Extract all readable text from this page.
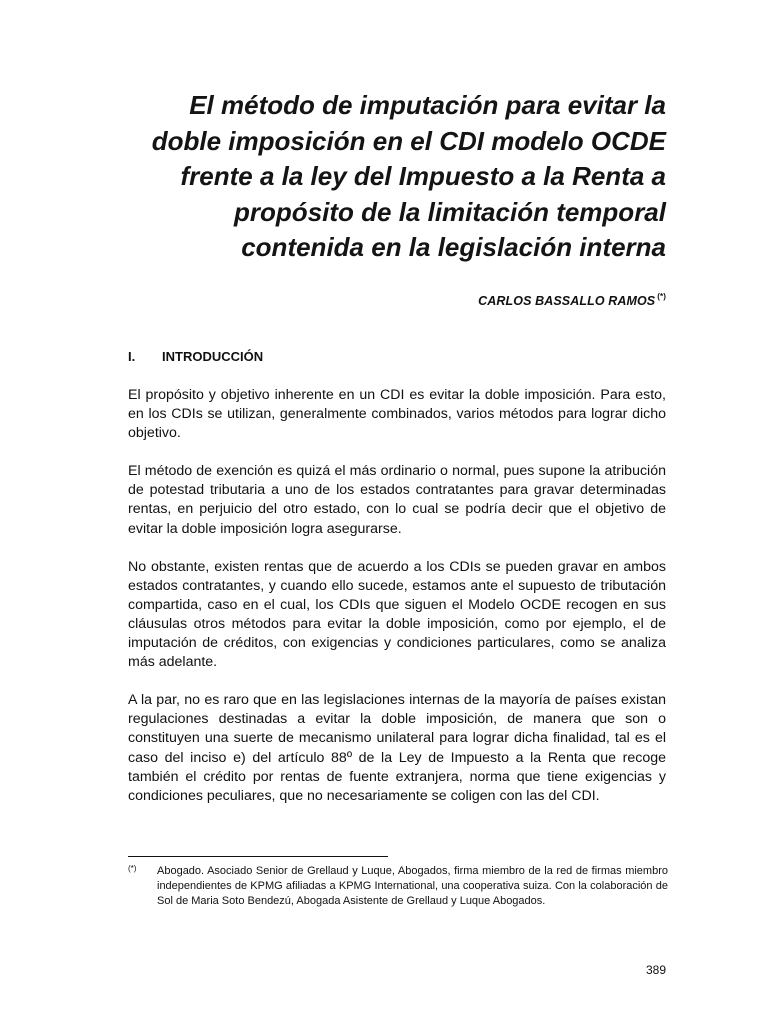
El método de imputación para evitar la
doble imposición en el CDI modelo OCDE
frente a la ley del Impuesto a la Renta a
propósito de la limitación temporal
contenida en la legislación interna
CARLOS BASSALLO RAMOS (*)
I. INTRODUCCIÓN

El propósito y objetivo inherente en un CDI es evitar la doble imposición. Para esto, en los CDIs se utilizan, generalmente combinados, varios métodos para lograr dicho objetivo.

El método de exención es quizá el más ordinario o normal, pues supone la atribución de potestad tributaria a uno de los estados contratantes para gravar determinadas rentas, en perjuicio del otro estado, con lo cual se podría decir que el objetivo de evitar la doble imposición logra asegurarse.

No obstante, existen rentas que de acuerdo a los CDIs se pueden gravar en ambos estados contratantes, y cuando ello sucede, estamos ante el supuesto de tributación compartida, caso en el cual, los CDIs que siguen el Modelo OCDE recogen en sus cláusulas otros métodos para evitar la doble imposición, como por ejemplo, el de imputación de créditos, con exigencias y condiciones particulares, como se analiza más adelante.

A la par, no es raro que en las legislaciones internas de la mayoría de países existan regulaciones destinadas a evitar la doble imposición, de manera que son o constituyen una suerte de mecanismo unilateral para lograr dicha finalidad, tal es el caso del inciso e) del artículo 88º de la Ley de Impuesto a la Renta que recoge también el crédito por rentas de fuente extranjera, norma que tiene exigencias y condiciones peculiares, que no necesariamente se coligen con las del CDI.

(*) Abogado. Asociado Senior de Grellaud y Luque, Abogados, firma miembro de la red de firmas miembro independientes de KPMG afiliadas a KPMG International, una cooperativa suiza. Con la colaboración de Sol de Maria Soto Bendezú, Abogada Asistente de Grellaud y Luque Abogados.

389
